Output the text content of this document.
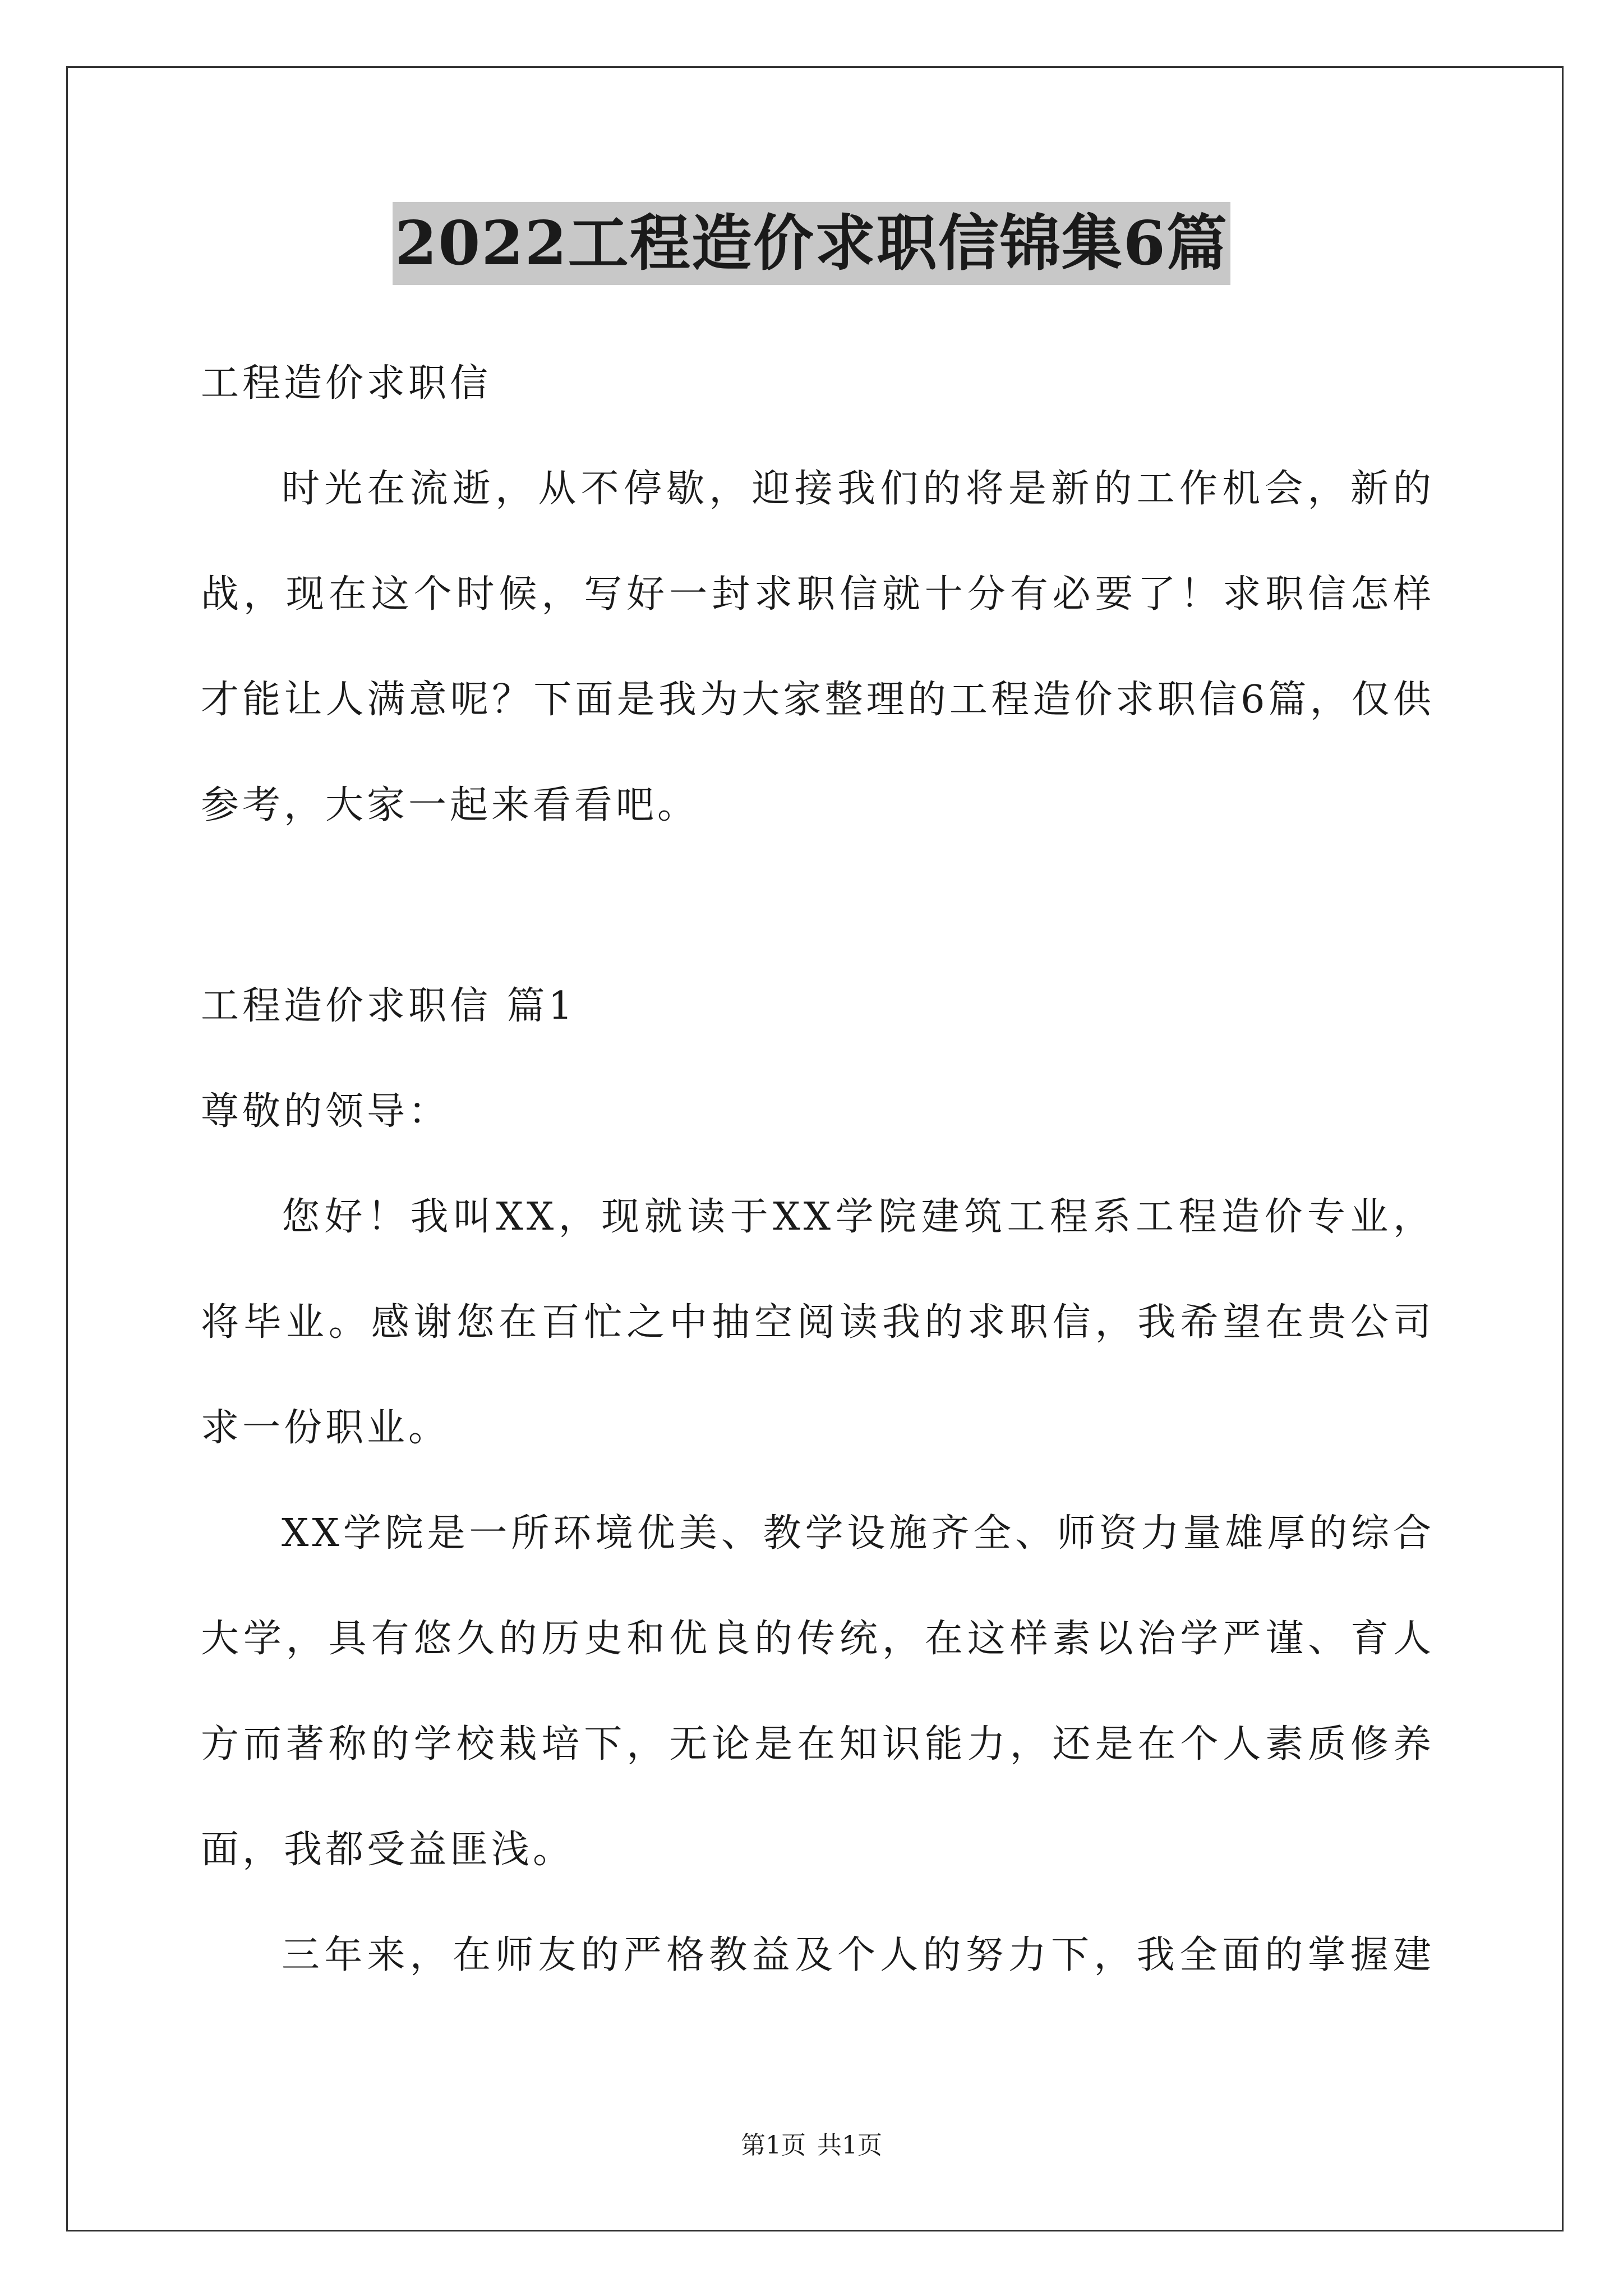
2022工程造价求职信锦集6篇
工程造价求职信
时光在流逝，从不停歇，迎接我们的将是新的工作机会，新的
战，现在这个时候，写好一封求职信就十分有必要了！求职信怎样
才能让人满意呢？下面是我为大家整理的工程造价求职信6篇，仅供
参考，大家一起来看看吧。
工程造价求职信 篇1
尊敬的领导：
您好！我叫XX，现就读于XX学院建筑工程系工程造价专业，
将毕业。感谢您在百忙之中抽空阅读我的求职信，我希望在贵公司
求一份职业。
XX学院是一所环境优美、教学设施齐全、师资力量雄厚的综合
大学，具有悠久的历史和优良的传统，在这样素以治学严谨、育人
方而著称的学校栽培下，无论是在知识能力，还是在个人素质修养
面，我都受益匪浅。
三年来，在师友的严格教益及个人的努力下，我全面的掌握建
第1页 共1页
